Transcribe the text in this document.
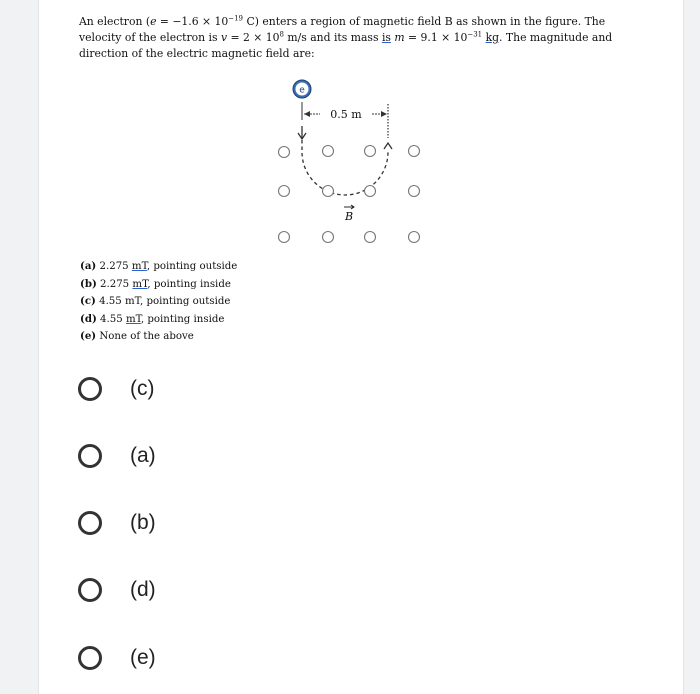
An electron ($e = -1.6 \times 10^{-19}$ C) enters a region of magnetic field B as shown in the figure. The velocity of the electron is $v = 2 \times 10^8$ m/s and its mass is $m = 9.1 \times 10^{-31}$ kg. The magnitude and direction of the electric magnetic field are:
e
0.5 m
B
(a) 2.275 mT, pointing outside
(b) 2.275 mT, pointing inside
(c) 4.55 mT, pointing outside
(d) 4.55 mT, pointing inside
(e) None of the above
(c)
(a)
(b)
(d)
(e)
